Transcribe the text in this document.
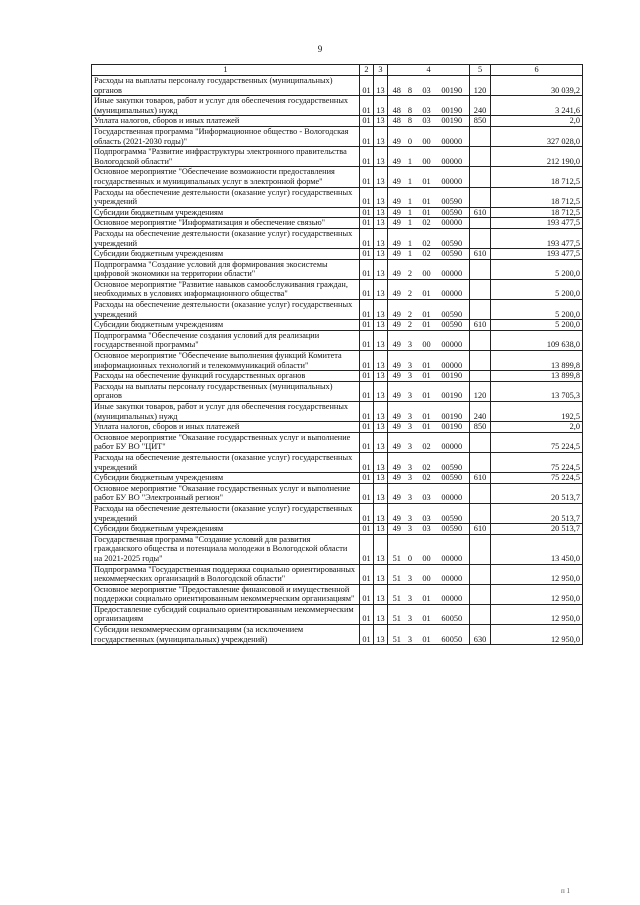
9
1	2	3	4				5	6
Расходы на выплаты персоналу государственных (муниципальных) органов	01	13	48	8	03	00190	120	30 039,2
Иные закупки товаров, работ и услуг для обеспечения государственных (муниципальных) нужд	01	13	48	8	03	00190	240	3 241,6
Уплата налогов, сборов и иных платежей	01	13	48	8	03	00190	850	2,0
Государственная программа "Информационное общество - Вологодская область (2021-2030 годы)"	01	13	49	0	00	00000		327 028,0
Подпрограмма "Развитие инфраструктуры электронного правительства Вологодской области"	01	13	49	1	00	00000		212 190,0
Основное мероприятие "Обеспечение возможности предоставления государственных и муниципальных услуг в электронной форме"	01	13	49	1	01	00000		18 712,5
Расходы на обеспечение деятельности (оказание услуг) государственных учреждений	01	13	49	1	01	00590		18 712,5
Субсидии бюджетным учреждениям	01	13	49	1	01	00590	610	18 712,5
Основное мероприятие "Информатизация и обеспечение связью"	01	13	49	1	02	00000		193 477,5
Расходы на обеспечение деятельности (оказание услуг) государственных учреждений	01	13	49	1	02	00590		193 477,5
Субсидии бюджетным учреждениям	01	13	49	1	02	00590	610	193 477,5
Подпрограмма "Создание условий для формирования экосистемы цифровой экономики на территории области"	01	13	49	2	00	00000		5 200,0
Основное мероприятие "Развитие навыков самообслуживания граждан, необходимых в условиях информационного общества"	01	13	49	2	01	00000		5 200,0
Расходы на обеспечение деятельности (оказание услуг) государственных учреждений	01	13	49	2	01	00590		5 200,0
Субсидии бюджетным учреждениям	01	13	49	2	01	00590	610	5 200,0
Подпрограмма "Обеспечение создания условий для реализации государственной программы"	01	13	49	3	00	00000		109 638,0
Основное мероприятие "Обеспечение выполнения функций Комитета информационных технологий и телекоммуникаций области"	01	13	49	3	01	00000		13 899,8
Расходы на обеспечение функций государственных органов	01	13	49	3	01	00190		13 899,8
Расходы на выплаты персоналу государственных (муниципальных) органов	01	13	49	3	01	00190	120	13 705,3
Иные закупки товаров, работ и услуг для обеспечения государственных (муниципальных) нужд	01	13	49	3	01	00190	240	192,5
Уплата налогов, сборов и иных платежей	01	13	49	3	01	00190	850	2,0
Основное мероприятие "Оказание государственных услуг и выполнение работ БУ ВО "ЦИТ"	01	13	49	3	02	00000		75 224,5
Расходы на обеспечение деятельности (оказание услуг) государственных учреждений	01	13	49	3	02	00590		75 224,5
Субсидии бюджетным учреждениям	01	13	49	3	02	00590	610	75 224,5
Основное мероприятие "Оказание государственных услуг и выполнение работ БУ ВО "Электронный регион"	01	13	49	3	03	00000		20 513,7
Расходы на обеспечение деятельности (оказание услуг) государственных учреждений	01	13	49	3	03	00590		20 513,7
Субсидии бюджетным учреждениям	01	13	49	3	03	00590	610	20 513,7
Государственная программа "Создание условий для развития гражданского общества и потенциала молодежи в Вологодской области на 2021-2025 годы"	01	13	51	0	00	00000		13 450,0
Подпрограмма "Государственная поддержка социально ориентированных некоммерческих организаций в Вологодской области"	01	13	51	3	00	00000		12 950,0
Основное мероприятие "Предоставление финансовой и имущественной поддержки социально ориентированным некоммерческим организациям"	01	13	51	3	01	00000		12 950,0
Предоставление субсидий социально ориентированным некоммерческим организациям	01	13	51	3	01	60050		12 950,0
Субсидии некоммерческим организациям (за исключением государственных (муниципальных) учреждений)	01	13	51	3	01	60050	630	12 950,0
п 1
